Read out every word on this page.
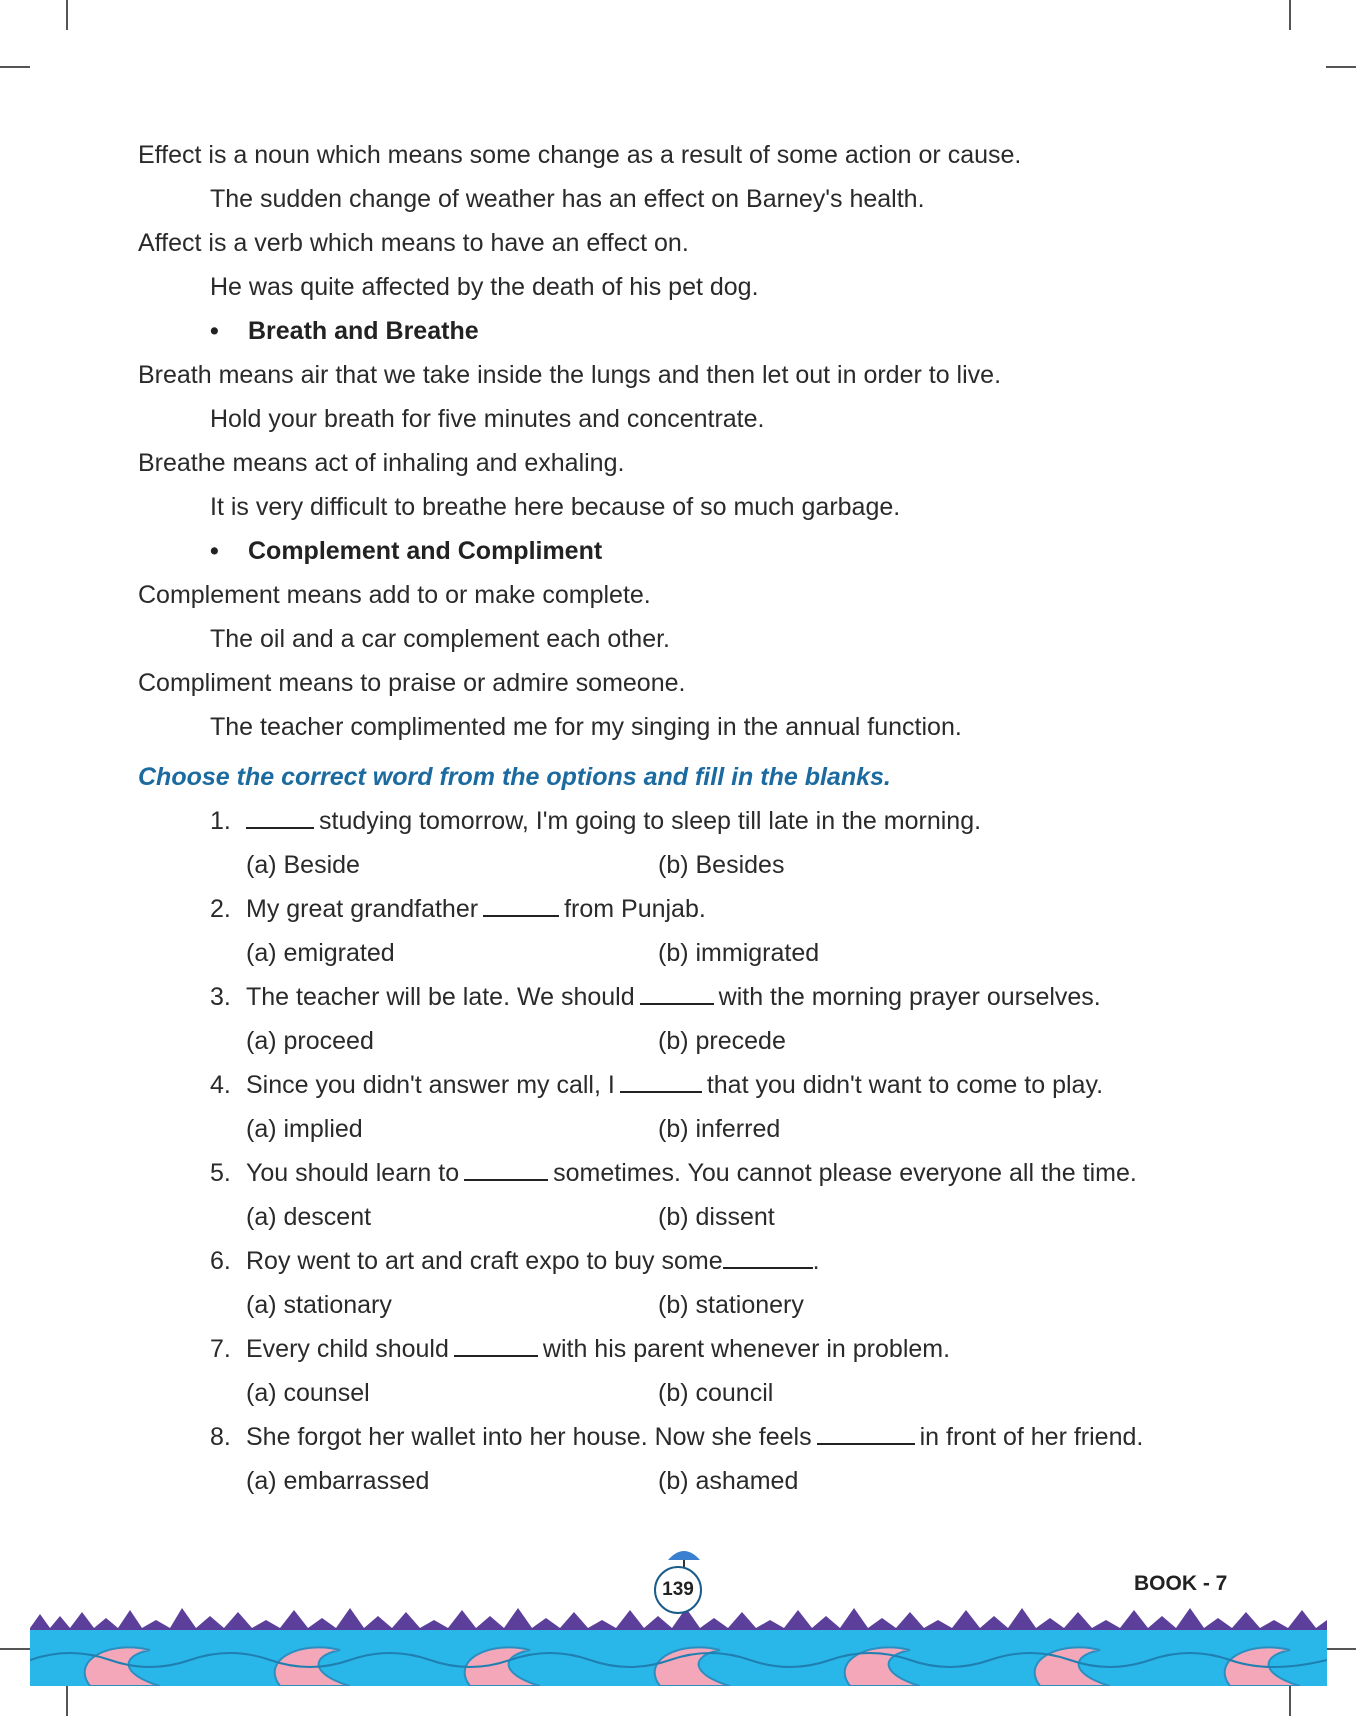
Effect is a noun which means some change as a result of some action or cause.
The sudden change of weather has an effect on Barney's health.
Affect is a verb which means to have an effect on.
He was quite affected by the death of his pet dog.
• Breath and Breathe
Breath means air that we take inside the lungs and then let out in order to live.
Hold your breath for five minutes and concentrate.
Breathe means act of inhaling and exhaling.
It is very difficult to breathe here because of so much garbage.
• Complement and Compliment
Complement means add to or make complete.
The oil and a car complement each other.
Compliment means to praise or admire someone.
The teacher complimented me for my singing in the annual function.
Choose the correct word from the options and fill in the blanks.
1.	studying tomorrow, I'm going to sleep till late in the morning.
(a) Beside	(b) Besides
2. My great grandfather	from Punjab.
(a) emigrated	(b) immigrated
3. The teacher will be late. We should	with the morning prayer ourselves.
(a) proceed	(b) precede
4. Since you didn't answer my call, I	that you didn't want to come to play.
(a) implied	(b) inferred
5. You should learn to	sometimes. You cannot please everyone all the time.
(a) descent	(b) dissent
6. Roy went to art and craft expo to buy some	.
(a) stationary	(b) stationery
7. Every child should	with his parent whenever in problem.
(a) counsel	(b) council
8. She forgot her wallet into her house. Now she feels	in front of her friend.
(a) embarrassed	(b) ashamed
139	BOOK - 7
